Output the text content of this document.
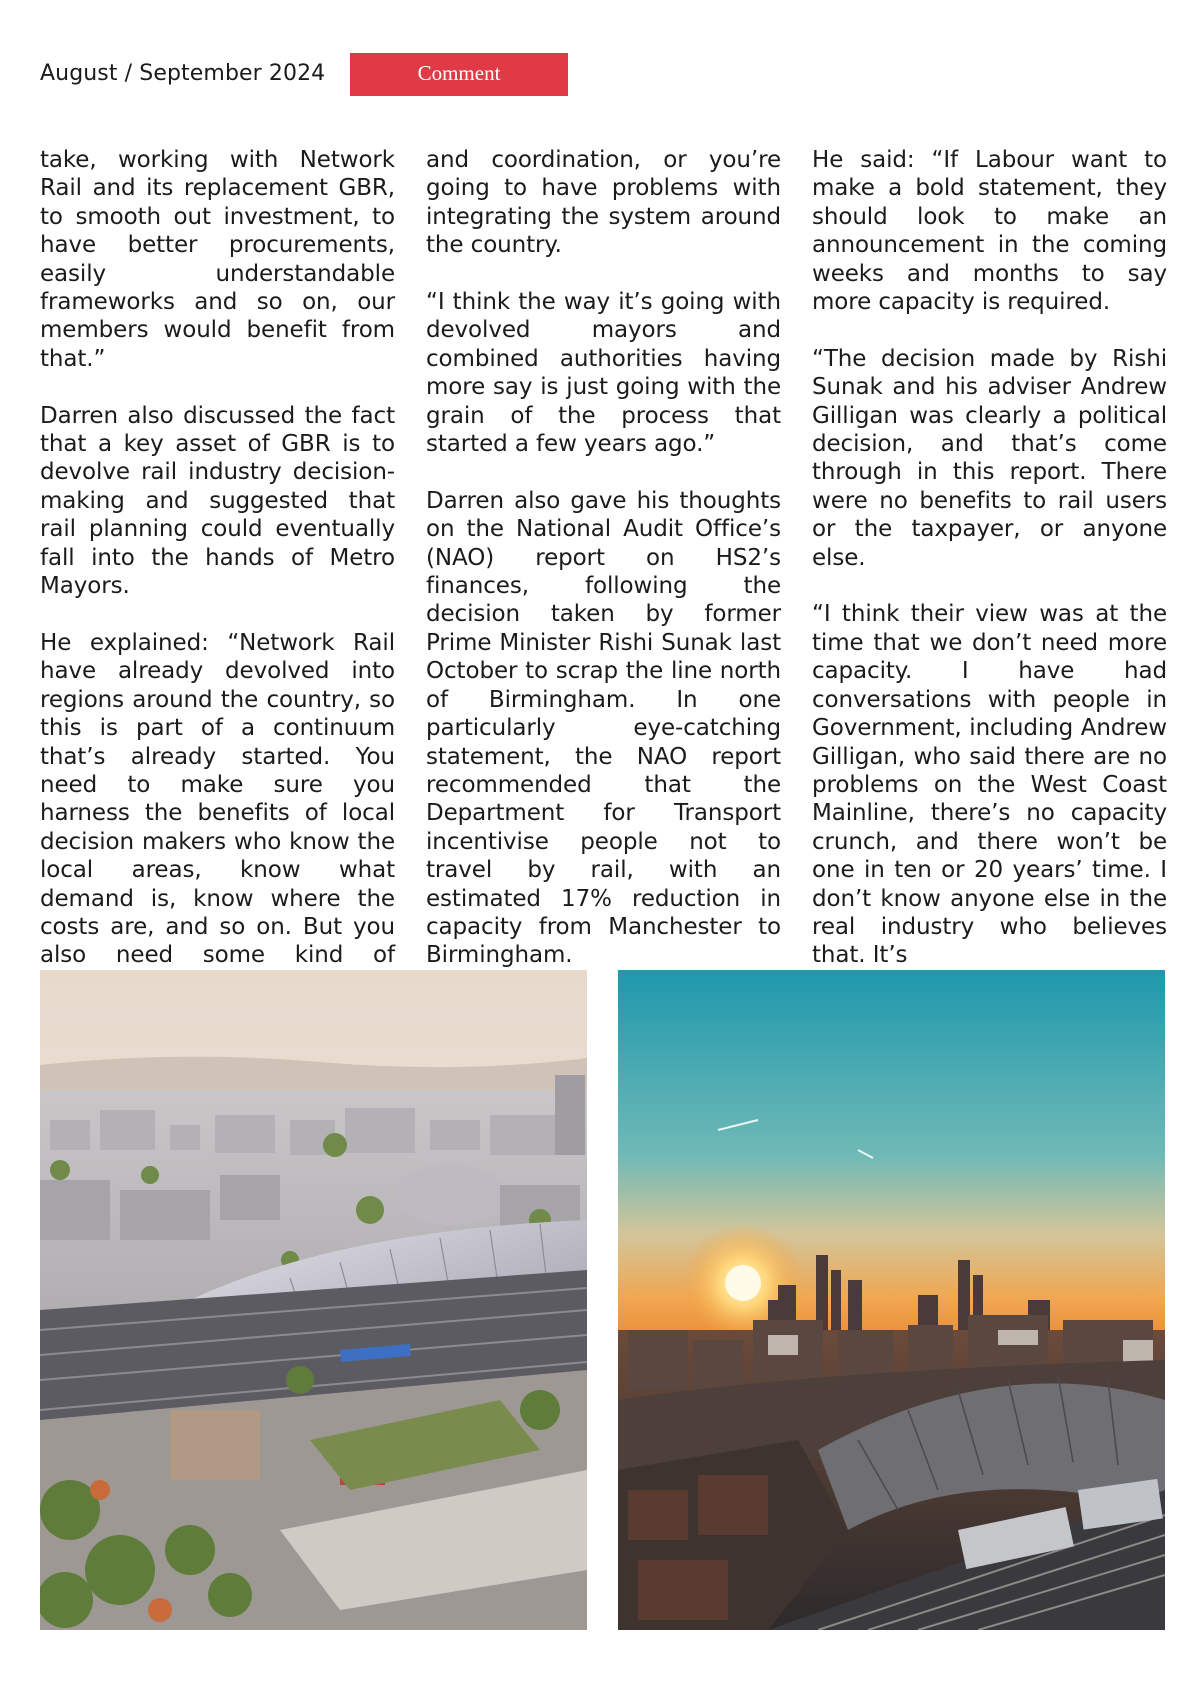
August / September 2024	Comment

take, working with Network Rail and its replacement GBR, to smooth out investment, to have better procurements, easily understandable frameworks and so on, our members would benefit from that.”

Darren also discussed the fact that a key asset of GBR is to devolve rail industry decision-making and suggested that rail planning could eventually fall into the hands of Metro Mayors.

He explained: “Network Rail have already devolved into regions around the country, so this is part of a continuum that’s already started. You need to make sure you harness the benefits of local decision makers who know the local areas, know what demand is, know where the costs are, and so on. But you also need some kind of

and coordination, or you’re going to have problems with integrating the system around the country.

“I think the way it’s going with devolved mayors and combined authorities having more say is just going with the grain of the process that started a few years ago.”

Darren also gave his thoughts on the National Audit Office’s (NAO) report on HS2’s finances, following the decision taken by former Prime Minister Rishi Sunak last October to scrap the line north of Birmingham. In one particularly eye-catching statement, the NAO report recommended that the Department for Transport incentivise people not to travel by rail, with an estimated 17% reduction in capacity from Manchester to Birmingham.

He said: “If Labour want to make a bold statement, they should look to make an announcement in the coming weeks and months to say more capacity is required.

“The decision made by Rishi Sunak and his adviser Andrew Gilligan was clearly a political decision, and that’s come through in this report. There were no benefits to rail users or the taxpayer, or anyone else.

“I think their view was at the time that we don’t need more capacity. I have had conversations with people in Government, including Andrew Gilligan, who said there are no problems on the West Coast Mainline, there’s no capacity crunch, and there won’t be one in ten or 20 years’ time. I don’t know anyone else in the real industry who believes that. It’s
